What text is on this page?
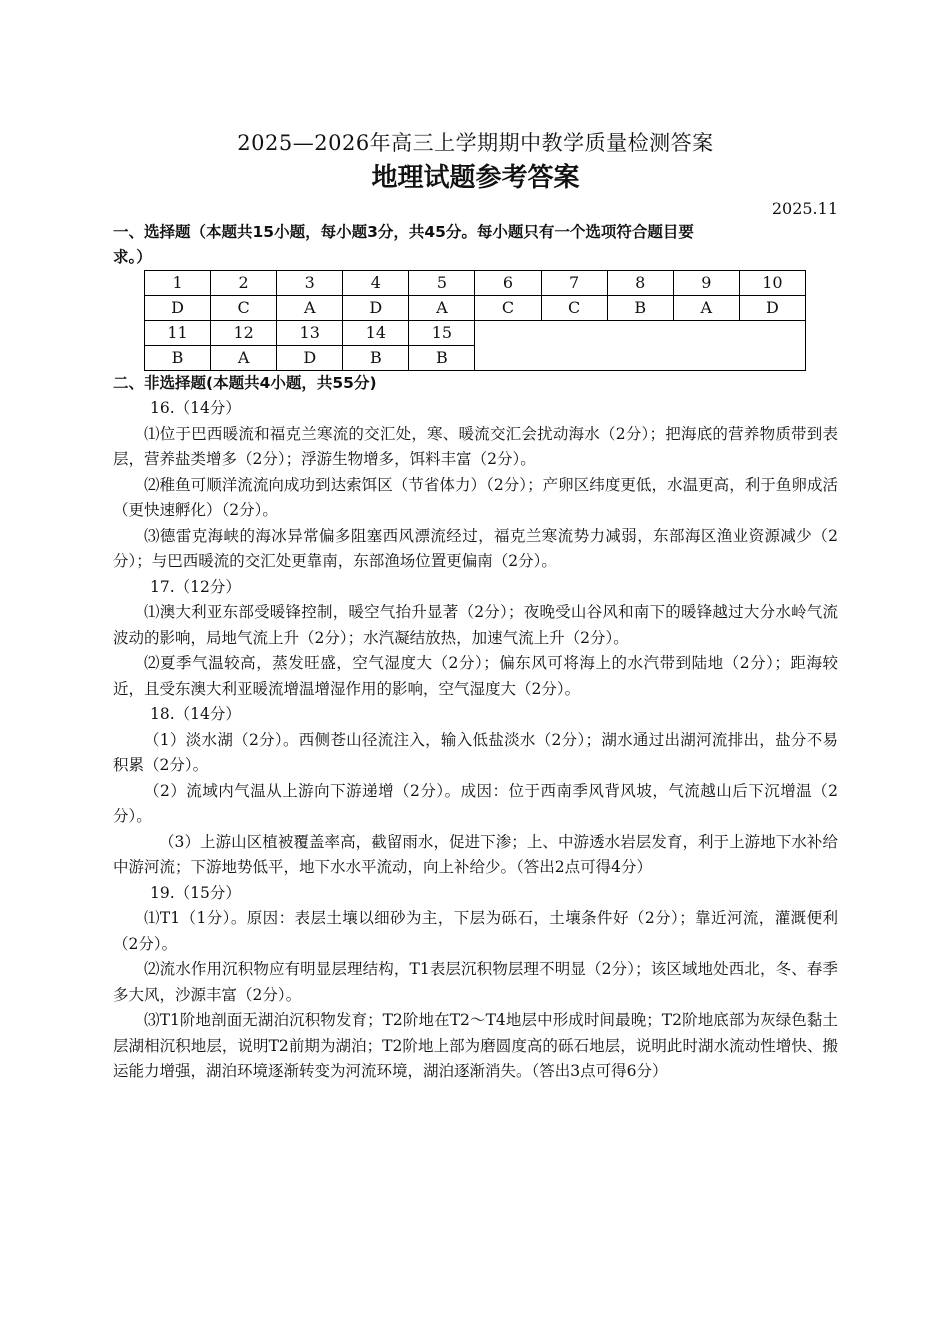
2025—2026年高三上学期期中教学质量检测答案
地理试题参考答案
2025.11
一、选择题（本题共15小题，每小题3分，共45分。每小题只有一个选项符合题目要
求。）
1	2	3	4	5	6	7	8	9	10
D	C	A	D	A	C	C	B	A	D
11	12	13	14	15					
B	A	D	B	B					
二、非选择题(本题共4小题，共55分)

16.（14分）

⑴位于巴西暖流和福克兰寒流的交汇处，寒、暖流交汇会扰动海水（2分）；把海底的营养物质带到表层，营养盐类增多（2分）；浮游生物增多，饵料丰富（2分）。

⑵稚鱼可顺洋流流向成功到达索饵区（节省体力）（2分）；产卵区纬度更低，水温更高，利于鱼卵成活（更快速孵化）（2分）。

⑶德雷克海峡的海冰异常偏多阻塞西风漂流经过，福克兰寒流势力减弱，东部海区渔业资源减少（2分）；与巴西暖流的交汇处更靠南，东部渔场位置更偏南（2分）。

17.（12分）

⑴澳大利亚东部受暖锋控制，暖空气抬升显著（2分）；夜晚受山谷风和南下的暖锋越过大分水岭气流波动的影响，局地气流上升（2分）；水汽凝结放热，加速气流上升（2分）。

⑵夏季气温较高，蒸发旺盛，空气湿度大（2分）；偏东风可将海上的水汽带到陆地（2分）；距海较近，且受东澳大利亚暖流增温增湿作用的影响，空气湿度大（2分）。

18.（14分）

（1）淡水湖（2分）。西侧苍山径流注入，输入低盐淡水（2分）；湖水通过出湖河流排出，盐分不易积累（2分）。

（2）流域内气温从上游向下游递增（2分）。成因：位于西南季风背风坡，气流越山后下沉增温（2分）。

（3）上游山区植被覆盖率高，截留雨水，促进下渗；上、中游透水岩层发育，利于上游地下水补给中游河流；下游地势低平，地下水水平流动，向上补给少。（答出2点可得4分）

19.（15分）

⑴T1（1分）。原因：表层土壤以细砂为主，下层为砾石，土壤条件好（2分）；靠近河流，灌溉便利（2分）。

⑵流水作用沉积物应有明显层理结构，T1表层沉积物层理不明显（2分）；该区域地处西北，冬、春季多大风，沙源丰富（2分）。

⑶T1阶地剖面无湖泊沉积物发育；T2阶地在T2～T4地层中形成时间最晚；T2阶地底部为灰绿色黏土层湖相沉积地层，说明T2前期为湖泊；T2阶地上部为磨圆度高的砾石地层，说明此时湖水流动性增快、搬运能力增强，湖泊环境逐渐转变为河流环境，湖泊逐渐消失。（答出3点可得6分）
